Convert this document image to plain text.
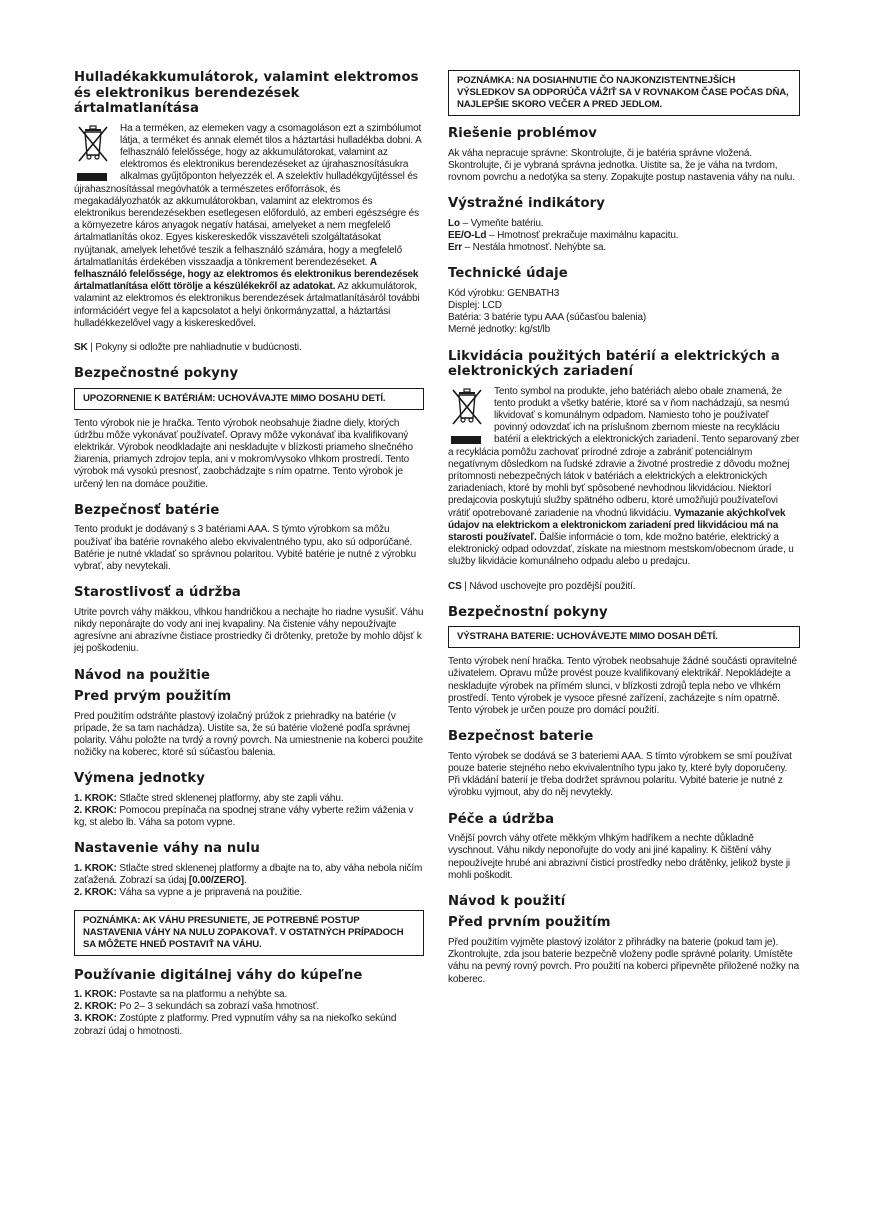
Hulladékakkumulátorok, valamint elektromos és elektronikus berendezések ártalmatlanítása

Ha a terméken, az elemeken vagy a csomagoláson ezt a szimbólumot látja, a terméket és annak elemét tilos a háztartási hulladékba dobni. A felhasználó felelőssége, hogy az akkumulátorokat, valamint az elektromos és elektronikus berendezéseket az újrahasznosításukra alkalmas gyűjtőponton helyezzék el. A szelektív hulladékgyűjtéssel és újrahasznosítással megóvhatók a természetes erőforrások, és megakadályozhatók az akkumulátorokban, valamint az elektromos és elektronikus berendezésekben esetlegesen előforduló, az emberi egészségre és a környezetre káros anyagok negatív hatásai, amelyeket a nem megfelelő ártalmatlanítás okoz. Egyes kiskereskedők visszavételi szolgáltatásokat nyújtanak, amelyek lehetővé teszik a felhasználó számára, hogy a megfelelő ártalmatlanítás érdekében visszaadja a tönkrement berendezéseket. A felhasználó felelőssége, hogy az elektromos és elektronikus berendezések ártalmatlanítása előtt törölje a készülékekről az adatokat. Az akkumulátorok, valamint az elektromos és elektronikus berendezések ártalmatlanításáról további információért vegye fel a kapcsolatot a helyi önkormányzattal, a háztartási hulladékkezelővel vagy a kiskereskedővel.

SK | Pokyny si odložte pre nahliadnutie v budúcnosti.

Bezpečnostné pokyny
UPOZORNENIE K BATÉRIÁM: UCHOVÁVAJTE MIMO DOSAHU DETÍ.

Tento výrobok nie je hračka. Tento výrobok neobsahuje žiadne diely, ktorých údržbu môže vykonávať používateľ. Opravy môže vykonávať iba kvalifikovaný elektrikár. Výrobok neodkladajte ani neskladujte v blízkosti priameho slnečného žiarenia, priamych zdrojov tepla, ani v mokrom/vysoko vlhkom prostredí. Tento výrobok má vysokú presnosť, zaobchádzajte s ním opatrne. Tento výrobok je určený len na domáce použitie.

Bezpečnosť batérie

Tento produkt je dodávaný s 3 batériami AAA. S týmto výrobkom sa môžu používať iba batérie rovnakého alebo ekvivalentného typu, ako sú odporúčané. Batérie je nutné vkladať so správnou polaritou. Vybité batérie je nutné z výrobku vybrať, aby nevytekali.

Starostlivosť a údržba

Utrite povrch váhy mäkkou, vlhkou handričkou a nechajte ho riadne vysušiť. Váhu nikdy neponárajte do vody ani inej kvapaliny. Na čistenie váhy nepoužívajte agresívne ani abrazívne čistiace prostriedky či drôtenky, pretože by mohlo dôjsť k jej poškodeniu.

Návod na použitie
Pred prvým použitím

Pred použitím odstráňte plastový izolačný prúžok z priehradky na batérie (v prípade, že sa tam nachádza). Uistite sa, že sú batérie vložené podľa správnej polarity. Váhu položte na tvrdý a rovný povrch. Na umiestnenie na koberci použite nožičky na koberec, ktoré sú súčasťou balenia.

Výmena jednotky

1. KROK: Stlačte stred sklenenej platformy, aby ste zapli váhu.

2. KROK: Pomocou prepínača na spodnej strane váhy vyberte režim váženia v kg, st alebo lb. Váha sa potom vypne.

Nastavenie váhy na nulu

1. KROK: Stlačte stred sklenenej platformy a dbajte na to, aby váha nebola ničím zaťažená. Zobrazí sa údaj [0.00/ZERO].

2. KROK: Váha sa vypne a je pripravená na použitie.

POZNÁMKA: AK VÁHU PRESUNIETE, JE POTREBNÉ POSTUP NASTAVENIA VÁHY NA NULU ZOPAKOVAŤ. V OSTATNÝCH PRÍPADOCH SA MÔŽETE HNEĎ POSTAVIŤ NA VÁHU.
Používanie digitálnej váhy do kúpeľne

1. KROK: Postavte sa na platformu a nehýbte sa.

2. KROK: Po 2– 3 sekundách sa zobrazí vaša hmotnosť.

3. KROK: Zostúpte z platformy. Pred vypnutím váhy sa na niekoľko sekúnd zobrazí údaj o hmotnosti.

POZNÁMKA: NA DOSIAHNUTIE ČO NAJKONZISTENTNEJŠÍCH VÝSLEDKOV SA ODPORÚČA VÁŽIŤ SA V ROVNAKOM ČASE POČAS DŇA, NAJLEPŠIE SKORO VEČER A PRED JEDLOM.
Riešenie problémov

Ak váha nepracuje správne: Skontrolujte, či je batéria správne vložená. Skontrolujte, či je vybraná správna jednotka. Uistite sa, že je váha na tvrdom, rovnom povrchu a nedotýka sa steny. Zopakujte postup nastavenia váhy na nulu.

Výstražné indikátory

Lo – Vymeňte batériu.

EE/O-Ld – Hmotnosť prekračuje maximálnu kapacitu.

Err – Nestála hmotnosť. Nehýbte sa.

Technické údaje

Kód výrobku: GENBATH3

Displej: LCD

Batéria: 3 batérie typu AAA (súčasťou balenia)

Merné jednotky: kg/st/lb

Likvidácia použitých batérií a elektrických a elektronických zariadení

Tento symbol na produkte, jeho batériách alebo obale znamená, že tento produkt a všetky batérie, ktoré sa v ňom nachádzajú, sa nesmú likvidovať s komunálnym odpadom. Namiesto toho je používateľ povinný odovzdať ich na príslušnom zbernom mieste na recykláciu batérií a elektrických a elektronických zariadení. Tento separovaný zber a recyklácia pomôžu zachovať prírodné zdroje a zabrániť potenciálnym negatívnym dôsledkom na ľudské zdravie a životné prostredie z dôvodu možnej prítomnosti nebezpečných látok v batériách a elektrických a elektronických zariadeniach, ktoré by mohli byť spôsobené nevhodnou likvidáciou. Niektorí predajcovia poskytujú služby spätného odberu, ktoré umožňujú používateľovi vrátiť opotrebované zariadenie na vhodnú likvidáciu. Vymazanie akýchkoľvek údajov na elektrickom a elektronickom zariadení pred likvidáciou má na starosti používateľ. Ďalšie informácie o tom, kde možno batérie, elektrický a elektronický odpad odovzdať, získate na miestnom mestskom/obecnom úrade, u služby likvidácie komunálneho odpadu alebo u predajcu.

CS | Návod uschovejte pro pozdější použití.

Bezpečnostní pokyny
VÝSTRAHA BATERIE: UCHOVÁVEJTE MIMO DOSAH DĚTÍ.

Tento výrobek není hračka. Tento výrobek neobsahuje žádné součásti opravitelné uživatelem. Opravu může provést pouze kvalifikovaný elektrikář. Nepokládejte a neskladujte výrobek na přímém slunci, v blízkosti zdrojů tepla nebo ve vlhkém prostředí. Tento výrobek je vysoce přesné zařízení, zacházejte s ním opatrně. Tento výrobek je určen pouze pro domácí použití.

Bezpečnost baterie

Tento výrobek se dodává se 3 bateriemi AAA. S tímto výrobkem se smí používat pouze baterie stejného nebo ekvivalentního typu jako ty, které byly doporučeny. Při vkládání baterií je třeba dodržet správnou polaritu. Vybité baterie je nutné z výrobku vyjmout, aby do něj nevytekly.

Péče a údržba

Vnější povrch váhy otřete měkkým vlhkým hadříkem a nechte důkladně vyschnout. Váhu nikdy neponořujte do vody ani jiné kapaliny. K čištění váhy nepoužívejte hrubé ani abrazivní čisticí prostředky nebo drátěnky, jelikož byste ji mohli poškodit.

Návod k použití
Před prvním použitím

Před použitím vyjměte plastový izolátor z přihrádky na baterie (pokud tam je). Zkontrolujte, zda jsou baterie bezpečně vloženy podle správné polarity. Umístěte váhu na pevný rovný povrch. Pro použití na koberci připevněte přiložené nožky na koberec.
